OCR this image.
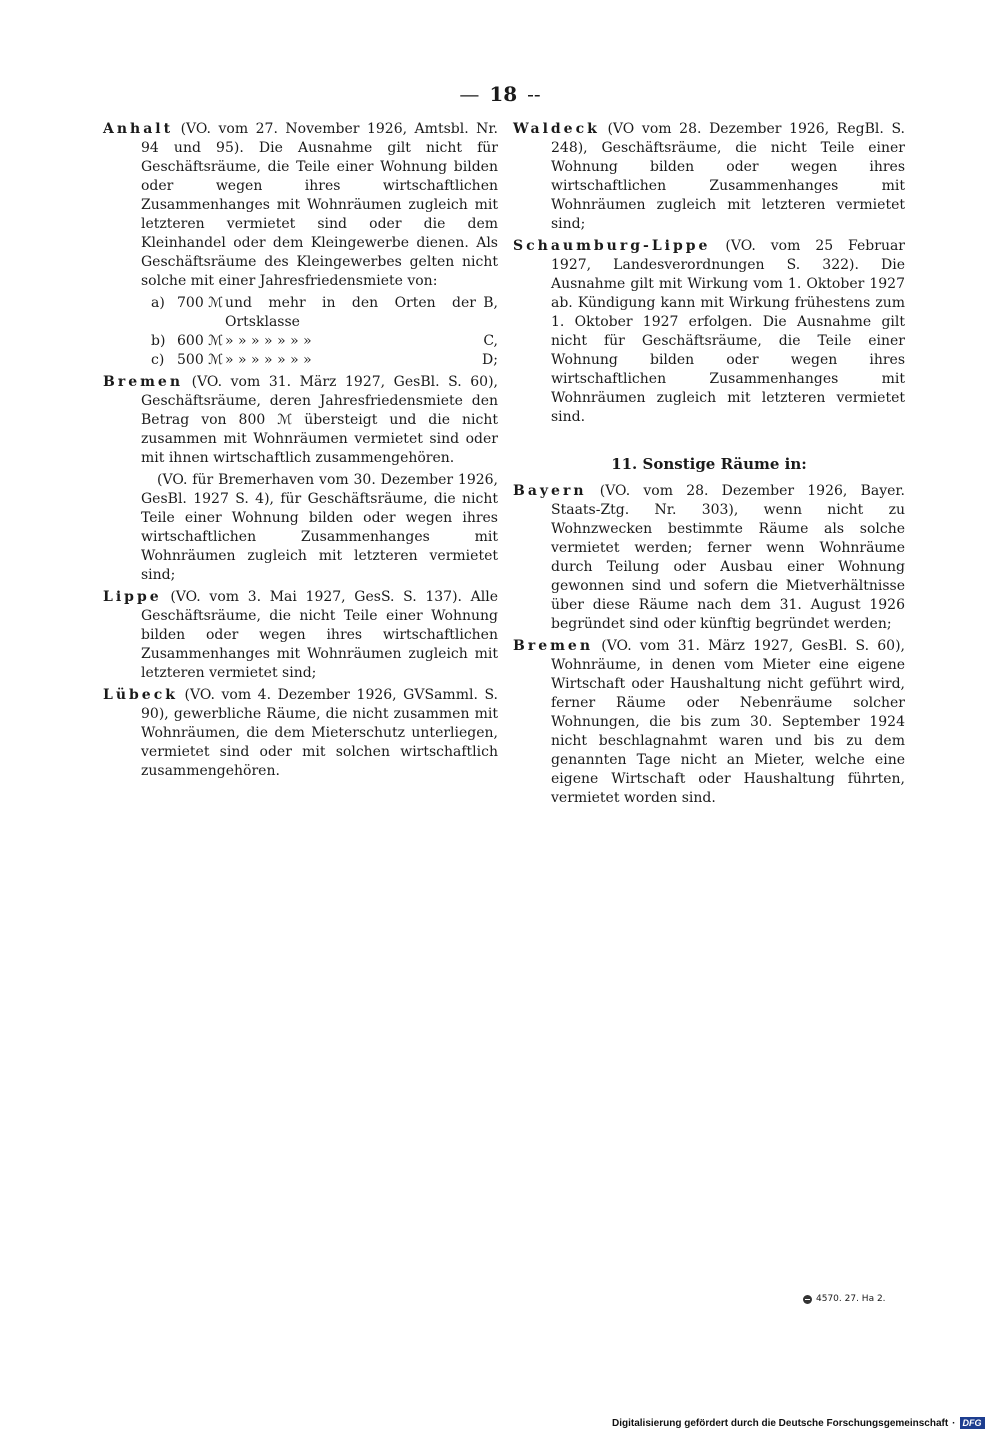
— 18 --
Anhalt (VO. vom 27. November 1926, Amtsbl. Nr. 94 und 95). Die Ausnahme gilt nicht für Geschäftsräume, die Teile einer Wohnung bilden oder wegen ihres wirtschaftlichen Zusammenhanges mit Wohnräumen zugleich mit letzteren vermietet sind oder die dem Kleinhandel oder dem Kleingewerbe dienen. Als Geschäftsräume des Kleingewerbes gelten nicht solche mit einer Jahresfriedensmiete von:
a) 700 ℳ und mehr in den Orten der Ortsklasse
B,
b) 600 ℳ » » » » » » »	C,
c) 500 ℳ » » » » » » »	D;
Bremen (VO. vom 31. März 1927, GesBl. S. 60), Geschäftsräume, deren Jahresfriedensmiete den Betrag von 800 ℳ übersteigt und die nicht zusammen mit Wohnräumen vermietet sind oder mit ihnen wirtschaftlich zusammengehören.
(VO. für Bremerhaven vom 30. Dezember 1926, GesBl. 1927 S. 4), für Geschäftsräume, die nicht Teile einer Wohnung bilden oder wegen ihres wirtschaftlichen Zusammenhanges mit Wohnräumen zugleich mit letzteren vermietet sind;
Lippe (VO. vom 3. Mai 1927, GesS. S. 137). Alle Geschäftsräume, die nicht Teile einer Wohnung bilden oder wegen ihres wirtschaftlichen Zusammenhanges mit Wohnräumen zugleich mit letzteren vermietet sind;
Lübeck (VO. vom 4. Dezember 1926, GVSamml. S. 90), gewerbliche Räume, die nicht zusammen mit Wohnräumen, die dem Mieterschutz unterliegen, vermietet sind oder mit solchen wirtschaftlich zusammengehören.
Waldeck (VO vom 28. Dezember 1926, RegBl. S. 248), Geschäftsräume, die nicht Teile einer Wohnung bilden oder wegen ihres wirtschaftlichen Zusammenhanges mit Wohnräumen zugleich mit letzteren vermietet sind;
Schaumburg-Lippe (VO. vom 25 Februar 1927, Landesverordnungen S. 322). Die Ausnahme gilt mit Wirkung vom 1. Oktober 1927 ab. Kündigung kann mit Wirkung frühestens zum 1. Oktober 1927 erfolgen. Die Ausnahme gilt nicht für Geschäftsräume, die Teile einer Wohnung bilden oder wegen ihres wirtschaftlichen Zusammenhanges mit Wohnräumen zugleich mit letzteren vermietet sind.
11. Sonstige Räume in:
Bayern (VO. vom 28. Dezember 1926, Bayer. Staats-Ztg. Nr. 303), wenn nicht zu Wohnzwecken bestimmte Räume als solche vermietet werden; ferner wenn Wohnräume durch Teilung oder Ausbau einer Wohnung gewonnen sind und sofern die Mietverhältnisse über diese Räume nach dem 31. August 1926 begründet sind oder künftig begründet werden;
Bremen (VO. vom 31. März 1927, GesBl. S. 60), Wohnräume, in denen vom Mieter eine eigene Wirtschaft oder Haushaltung nicht geführt wird, ferner Räume oder Nebenräume solcher Wohnungen, die bis zum 30. September 1924 nicht beschlagnahmt waren und bis zu dem genannten Tage nicht an Mieter, welche eine eigene Wirtschaft oder Haushaltung führten, vermietet worden sind.
4570. 27. Ha 2.
Digitalisierung gefördert durch die Deutsche Forschungsgemeinschaft · DFG
